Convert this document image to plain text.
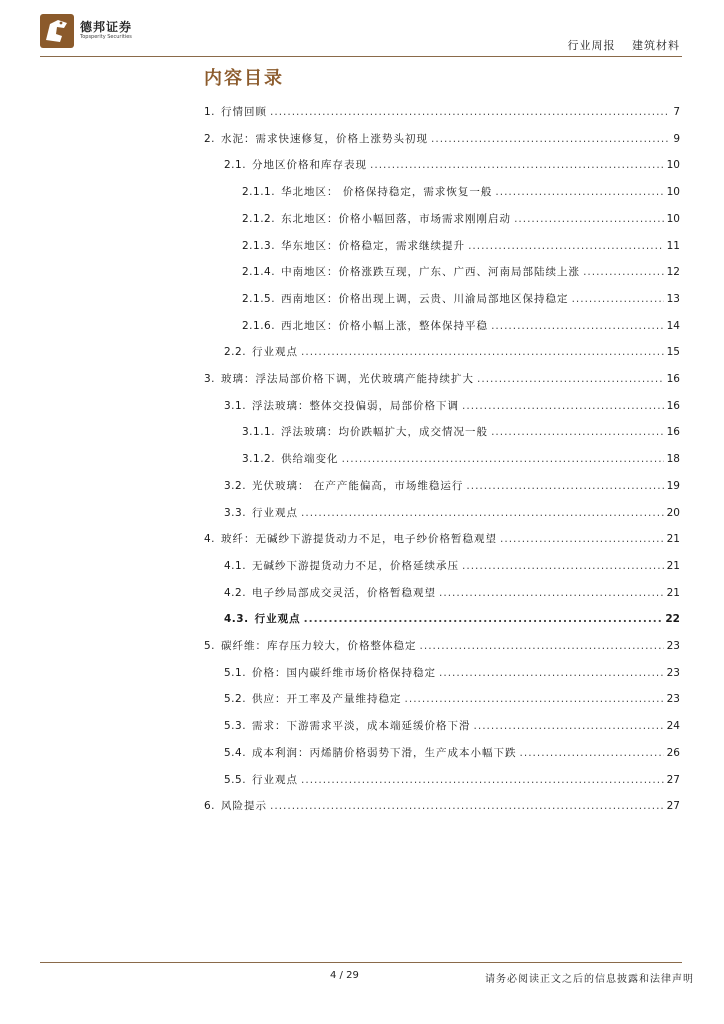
德邦证券
Topsperity Securities
行业周报 建筑材料
内容目录
1. 行情回顾 .....	7
2. 水泥：需求快速修复，价格上涨势头初现 .....	9
2.1. 分地区价格和库存表现 .....	10
2.1.1. 华北地区： 价格保持稳定，需求恢复一般 .....	10
2.1.2. 东北地区：价格小幅回落，市场需求刚刚启动 .....	10
2.1.3. 华东地区：价格稳定，需求继续提升 .....	11
2.1.4. 中南地区：价格涨跌互现，广东、广西、河南局部陆续上涨 .....	12
2.1.5. 西南地区：价格出现上调，云贵、川渝局部地区保持稳定 .....	13
2.1.6. 西北地区：价格小幅上涨，整体保持平稳 .....	14
2.2. 行业观点 .....	15
3. 玻璃：浮法局部价格下调，光伏玻璃产能持续扩大 .....	16
3.1. 浮法玻璃：整体交投偏弱，局部价格下调 .....	16
3.1.1. 浮法玻璃：均价跌幅扩大，成交情况一般 .....	16
3.1.2. 供给端变化 .....	18
3.2. 光伏玻璃： 在产产能偏高，市场维稳运行 .....	19
3.3. 行业观点 .....	20
4. 玻纤：无碱纱下游提货动力不足，电子纱价格暂稳观望 .....	21
4.1. 无碱纱下游提货动力不足，价格延续承压 .....	21
4.2. 电子纱局部成交灵活，价格暂稳观望 .....	21
4.3. 行业观点 .....	22
5. 碳纤维：库存压力较大，价格整体稳定 .....	23
5.1. 价格：国内碳纤维市场价格保持稳定 .....	23
5.2. 供应：开工率及产量维持稳定 .....	23
5.3. 需求：下游需求平淡，成本端延缓价格下滑 .....	24
5.4. 成本利润：丙烯腈价格弱势下滑，生产成本小幅下跌 .....	26
5.5. 行业观点 .....	27
6. 风险提示 .....	27
4 / 29	请务必阅读正文之后的信息披露和法律声明
